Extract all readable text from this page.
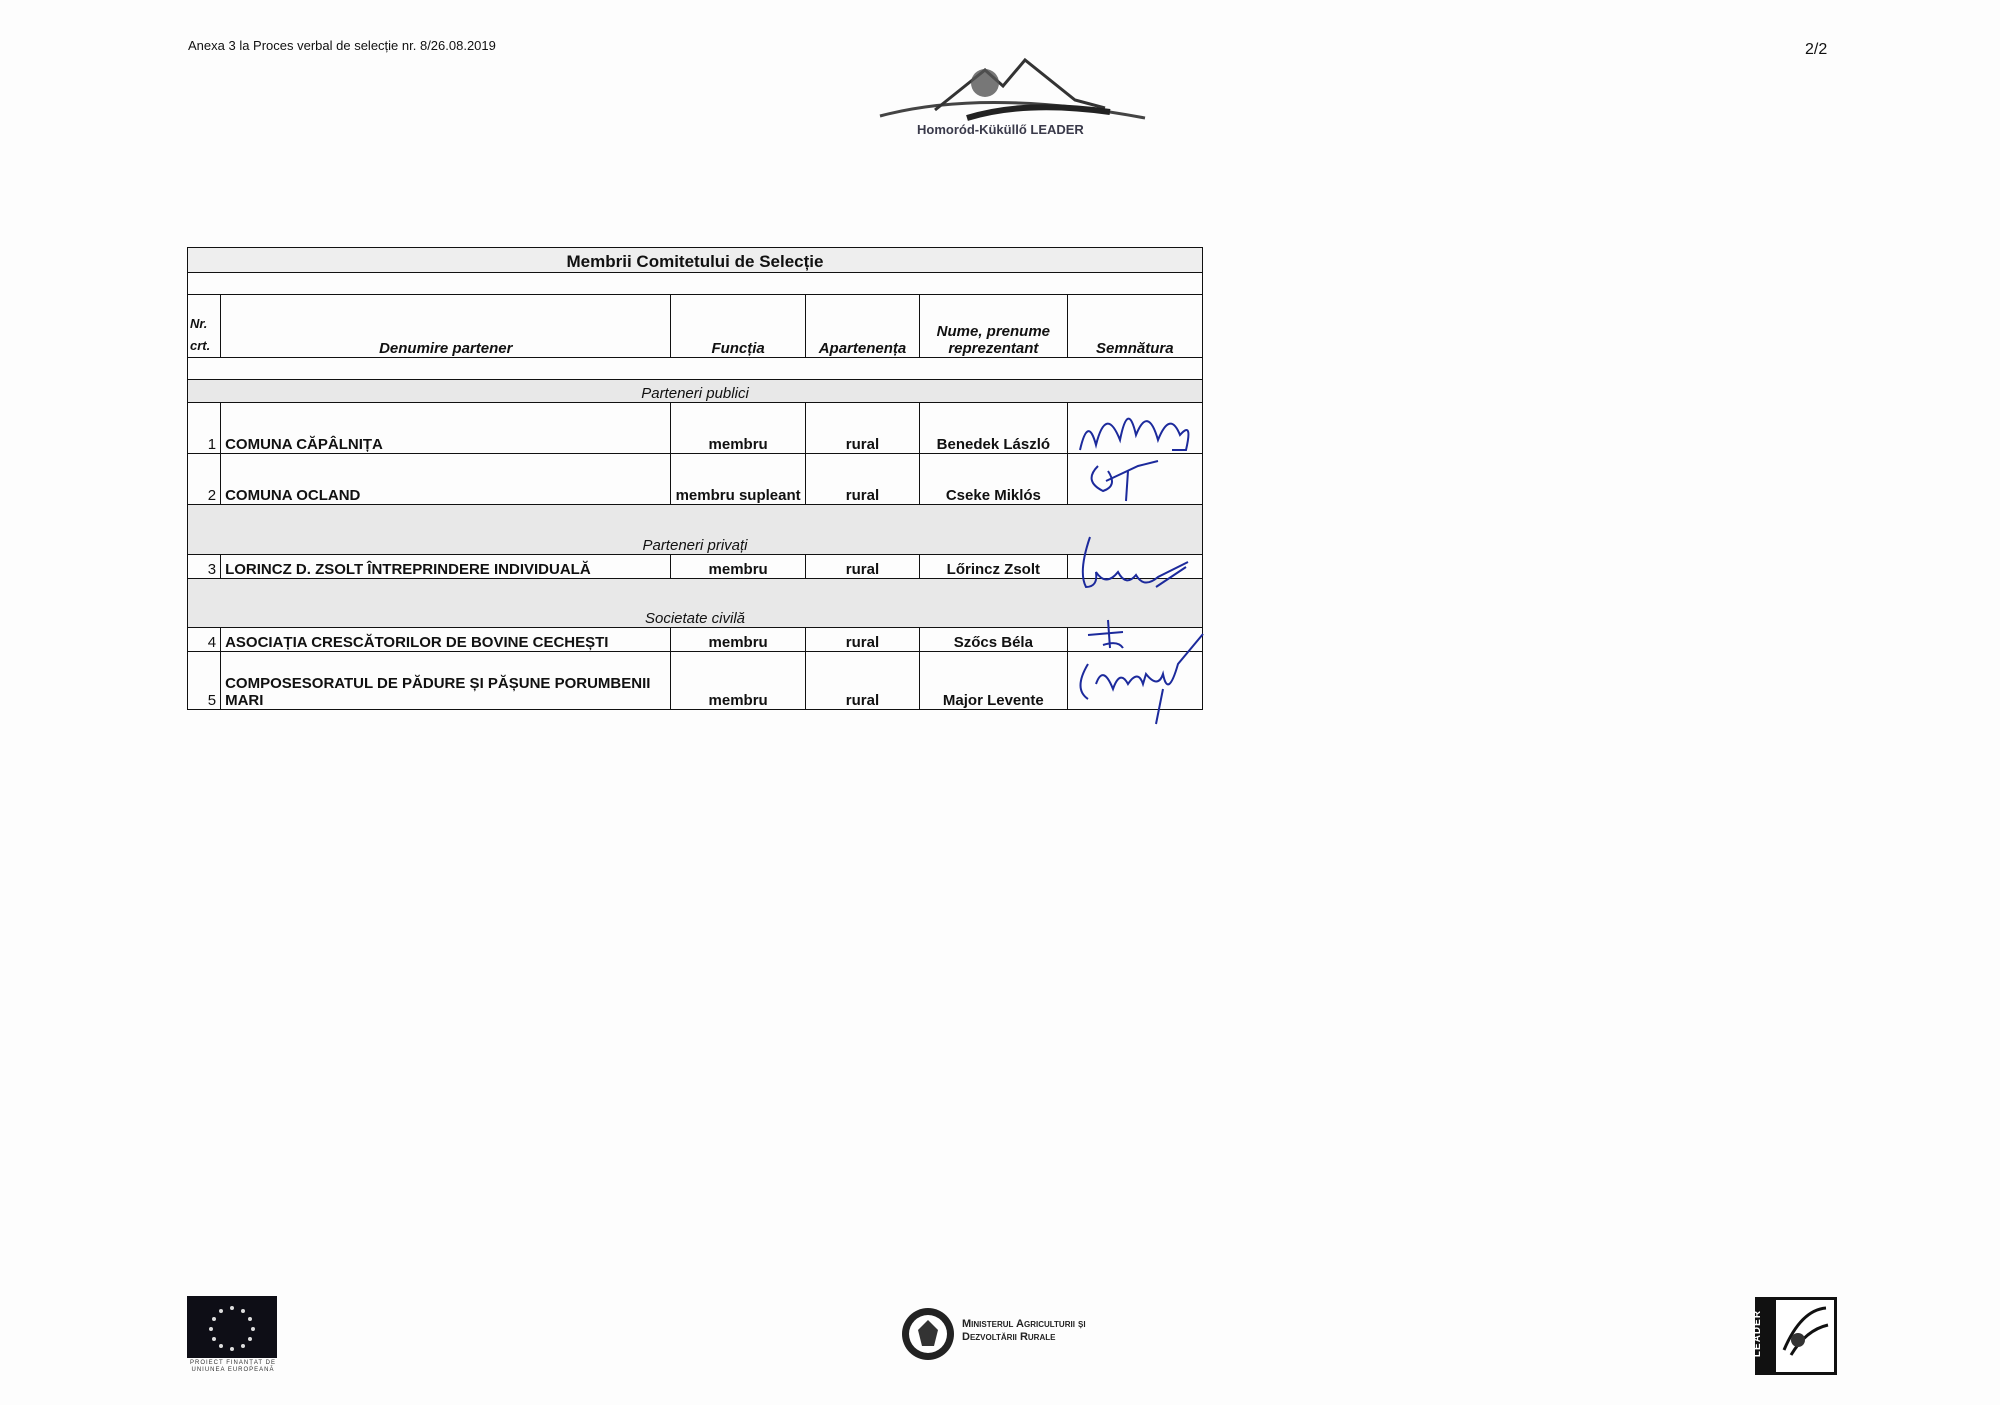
Anexa 3 la Proces verbal de selecție nr. 8/26.08.2019	2/2
Homoród-Küküllő LEADER
Membrii Comitetului de Selecție					

Nr. crt.	Denumire partener	Funcția	Apartenența	Nume, prenume reprezentant	Semnătura

Parteneri publici					
1	COMUNA CĂPÂLNIȚA	membru	rural	Benedek László	

2	COMUNA OCLAND	membru supleant	rural	Cseke Miklós	

Parteneri privați					
3	LORINCZ D. ZSOLT ÎNTREPRINDERE INDIVIDUALĂ	membru	rural	Lőrincz Zsolt	

Societate civilă					
4	ASOCIAȚIA CRESCĂTORILOR DE BOVINE CECHEȘTI	membru	rural	Szőcs Béla	

5	COMPOSESORATUL DE PĂDURE ȘI PĂȘUNE PORUMBENII MARI	membru	rural	Major Levente	
PROIECT FINANȚAT DE UNIUNEA EUROPEANĂ
Ministerul Agriculturii și Dezvoltării Rurale	LEADER
